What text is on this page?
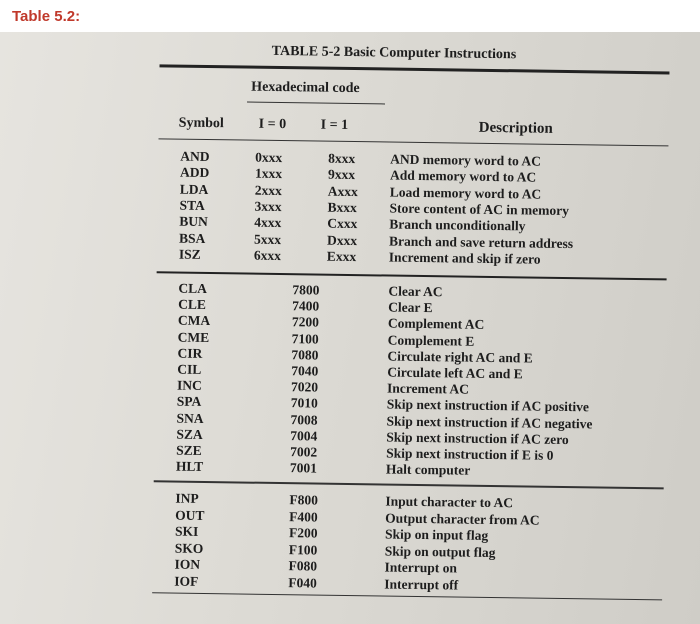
Table 5.2:
TABLE 5-2 Basic Computer Instructions
Hexadecimal code
Symbol I = 0 I = 1	Description
AND	0xxx	8xxx	AND memory word to AC
ADD	1xxx	9xxx	Add memory word to AC
LDA	2xxx	Axxx Load memory word to AC
STA	3xxx	Bxxx Store content of AC in memory
BUN	4xxx	Cxxx Branch unconditionally
BSA	5xxx	Dxxx Branch and save return address
ISZ	6xxx	Exxx Increment and skip if zero
CLA	7800	Clear AC
CLE	7400	Clear E
CMA	7200	Complement AC
CME	7100	Complement E
CIR	7080	Circulate right AC and E
CIL	7040	Circulate left AC and E
INC	7020	Increment AC
SPA	7010	Skip next instruction if AC positive
SNA	7008	Skip next instruction if AC negative
SZA	7004	Skip next instruction if AC zero
SZE	7002	Skip next instruction if E is 0
HLT	7001	Halt computer
INP	F800	Input character to AC
OUT	F400	Output character from AC
SKI	F200	Skip on input flag
SKO	F100	Skip on output flag
ION	F080	Interrupt on
IOF	F040	Interrupt off
